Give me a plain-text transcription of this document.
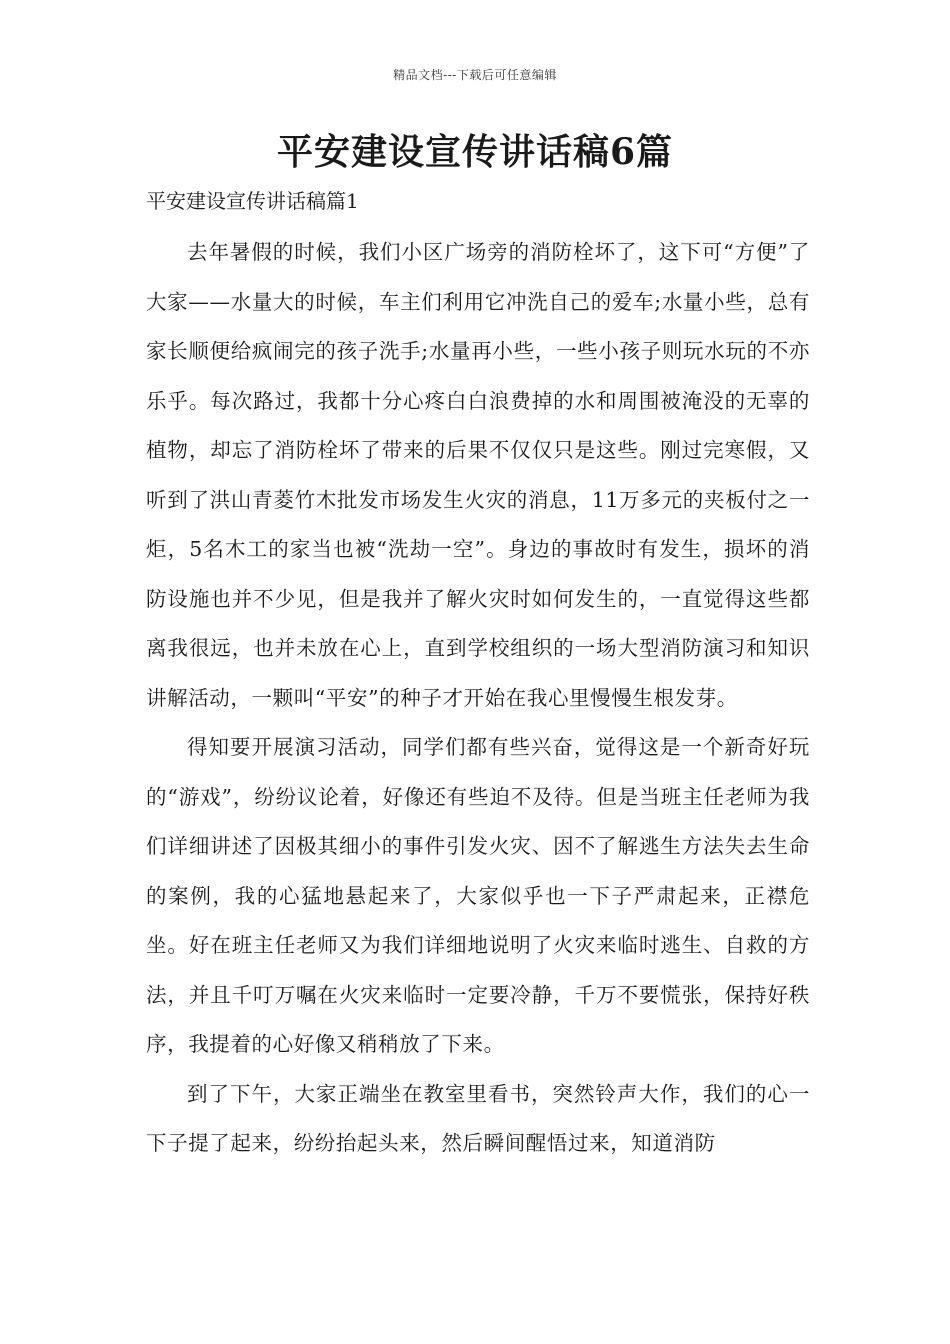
精品文档---下载后可任意编辑
平安建设宣传讲话稿6篇
平安建设宣传讲话稿篇1

去年暑假的时候，我们小区广场旁的消防栓坏了，这下可“方便”了大家——水量大的时候，车主们利用它冲洗自己的爱车;水量小些，总有家长顺便给疯闹完的孩子洗手;水量再小些，一些小孩子则玩水玩的不亦乐乎。每次路过，我都十分心疼白白浪费掉的水和周围被淹没的无辜的植物，却忘了消防栓坏了带来的后果不仅仅只是这些。刚过完寒假，又听到了洪山青菱竹木批发市场发生火灾的消息，11万多元的夹板付之一炬，5名木工的家当也被“洗劫一空”。身边的事故时有发生，损坏的消防设施也并不少见，但是我并了解火灾时如何发生的，一直觉得这些都离我很远，也并未放在心上，直到学校组织的一场大型消防演习和知识讲解活动，一颗叫“平安”的种子才开始在我心里慢慢生根发芽。

得知要开展演习活动，同学们都有些兴奋，觉得这是一个新奇好玩的“游戏”，纷纷议论着，好像还有些迫不及待。但是当班主任老师为我们详细讲述了因极其细小的事件引发火灾、因不了解逃生方法失去生命的案例，我的心猛地悬起来了，大家似乎也一下子严肃起来，正襟危坐。好在班主任老师又为我们详细地说明了火灾来临时逃生、自救的方法，并且千叮万嘱在火灾来临时一定要冷静，千万不要慌张，保持好秩序，我提着的心好像又稍稍放了下来。

到了下午，大家正端坐在教室里看书，突然铃声大作，我们的心一下子提了起来，纷纷抬起头来，然后瞬间醒悟过来，知道消防
